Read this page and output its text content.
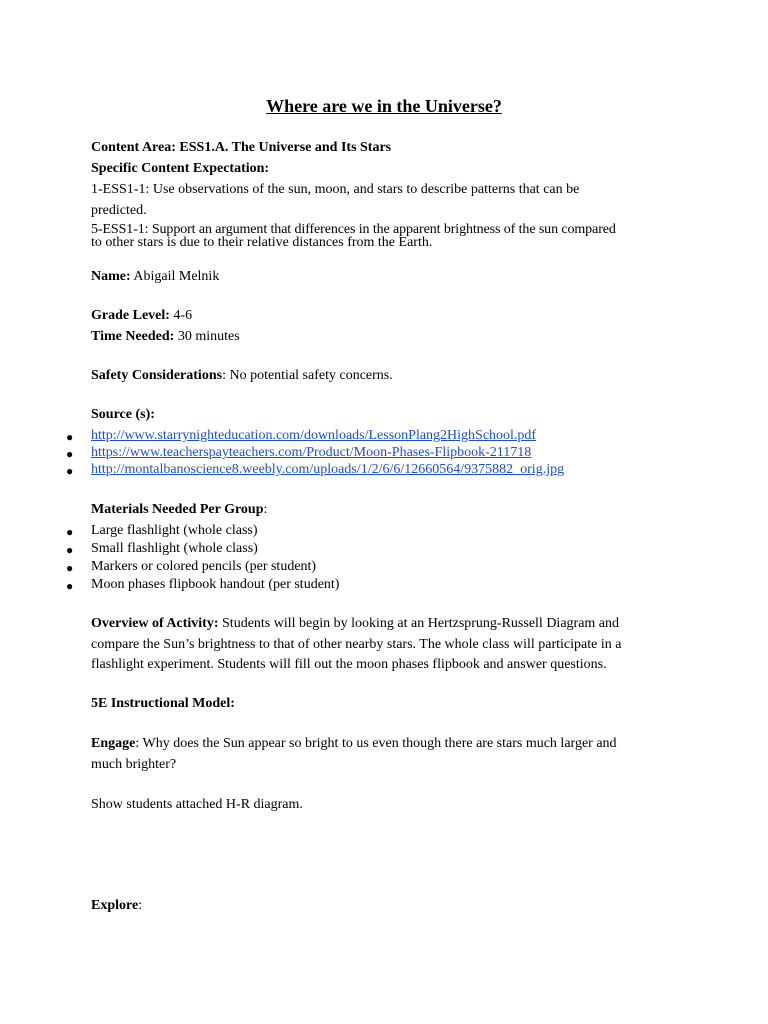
Where are we in the Universe?
Content Area: ESS1.A. The Universe and Its Stars
Specific Content Expectation:
1-ESS1-1: Use observations of the sun, moon, and stars to describe patterns that can be
predicted.
5-ESS1-1: Support an argument that differences in the apparent brightness of the sun compared
to other stars is due to their relative distances from the Earth.
Name: Abigail Melnik
Grade Level: 4-6
Time Needed: 30 minutes
Safety Considerations: No potential safety concerns.
Source (s):
● http://www.starrynighteducation.com/downloads/LessonPlang2HighSchool.pdf
● https://www.teacherspayteachers.com/Product/Moon-Phases-Flipbook-211718
● http://montalbanoscience8.weebly.com/uploads/1/2/6/6/12660564/9375882_orig.jpg
Materials Needed Per Group:
● Large flashlight (whole class)
● Small flashlight (whole class)
● Markers or colored pencils (per student)
● Moon phases flipbook handout (per student)
Overview of Activity: Students will begin by looking at an Hertzsprung-Russell Diagram and
compare the Sun’s brightness to that of other nearby stars. The whole class will participate in a
flashlight experiment. Students will fill out the moon phases flipbook and answer questions.
5E Instructional Model:
Engage: Why does the Sun appear so bright to us even though there are stars much larger and
much brighter?
Show students attached H-R diagram.
Explore:
